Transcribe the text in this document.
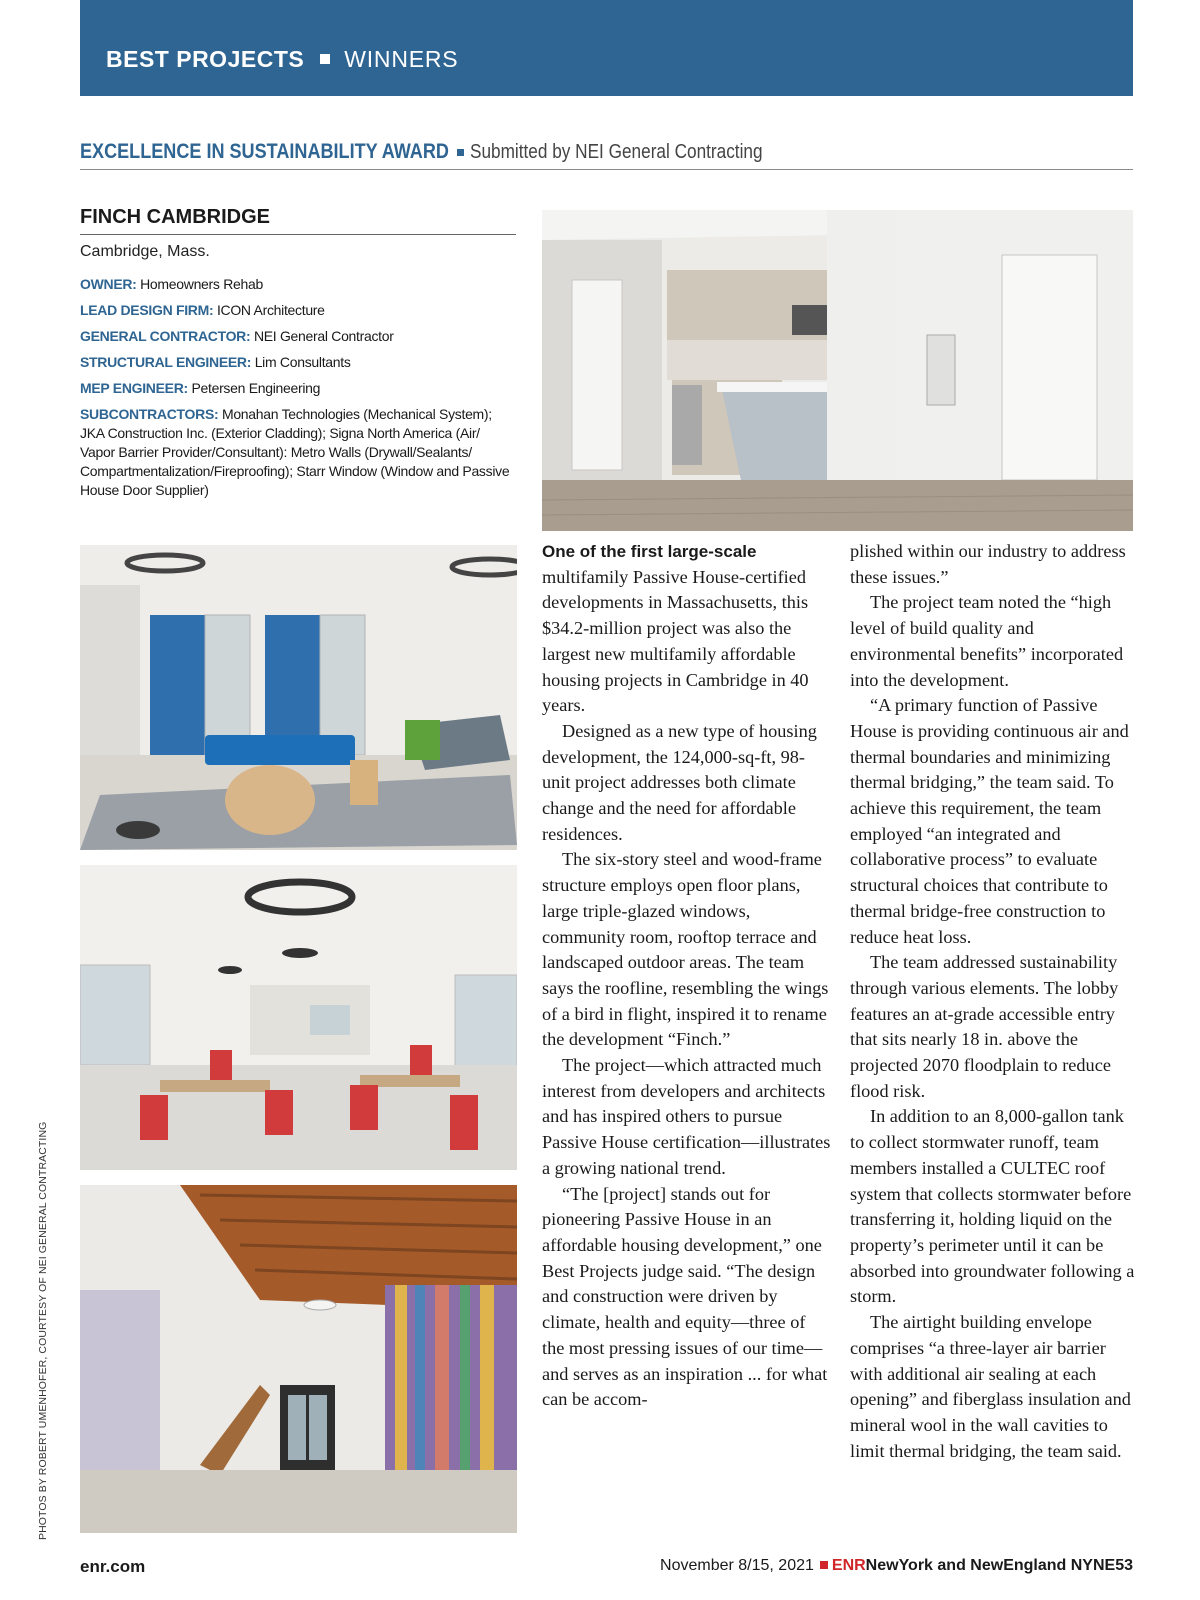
BEST PROJECTS WINNERS
EXCELLENCE IN SUSTAINABILITY AWARD Submitted by NEI General Contracting
FINCH CAMBRIDGE
Cambridge, Mass.
OWNER: Homeowners Rehab
LEAD DESIGN FIRM: ICON Architecture
GENERAL CONTRACTOR: NEI General Contractor
STRUCTURAL ENGINEER: Lim Consultants
MEP ENGINEER: Petersen Engineering
SUBCONTRACTORS: Monahan Technologies (Mechanical System); JKA Construction Inc. (Exterior Cladding); Signa North America (Air/ Vapor Barrier Provider/Consultant): Metro Walls (Drywall/Sealants/ Compartmentalization/Fireproofing); Starr Window (Window and Passive House Door Supplier)

One of the first large-scale multifamily Passive House-certified developments in Massachusetts, this $34.2-million project was also the largest new multifamily affordable housing projects in Cambridge in 40 years.

Designed as a new type of housing development, the 124,000-sq-ft, 98-unit project addresses both climate change and the need for affordable residences.

The six-story steel and wood-frame structure employs open floor plans, large triple-glazed windows, community room, rooftop terrace and landscaped outdoor areas. The team says the roofline, resembling the wings of a bird in flight, inspired it to rename the development “Finch.”

The project—which attracted much interest from developers and architects and has inspired others to pursue Passive House certification—illustrates a growing national trend.

“The [project] stands out for pioneering Passive House in an affordable housing development,” one Best Projects judge said. “The design and construction were driven by climate, health and equity—three of the most pressing issues of our time—and serves as an inspiration ... for what can be accom-

plished within our industry to address these issues.”

The project team noted the “high level of build quality and environmental benefits” incorporated into the development.

“A primary function of Passive House is providing continuous air and thermal boundaries and minimizing thermal bridging,” the team said. To achieve this requirement, the team employed “an integrated and collaborative process” to evaluate structural choices that contribute to thermal bridge-free construction to reduce heat loss.

The team addressed sustainability through various elements. The lobby features an at-grade accessible entry that sits nearly 18 in. above the projected 2070 floodplain to reduce flood risk.

In addition to an 8,000-gallon tank to collect stormwater runoff, team members installed a CULTEC roof system that collects stormwater before transferring it, holding liquid on the property’s perimeter until it can be absorbed into groundwater following a storm.

The airtight building envelope comprises “a three-layer air barrier with additional air sealing at each opening” and fiberglass insulation and mineral wool in the wall cavities to limit thermal bridging, the team said.

PHOTOS BY ROBERT UMENHOFER, COURTESY OF NEI GENERAL CONTRACTING
enr.com	November 8/15, 2021 ENRNewYork and NewEngland NYNE53
